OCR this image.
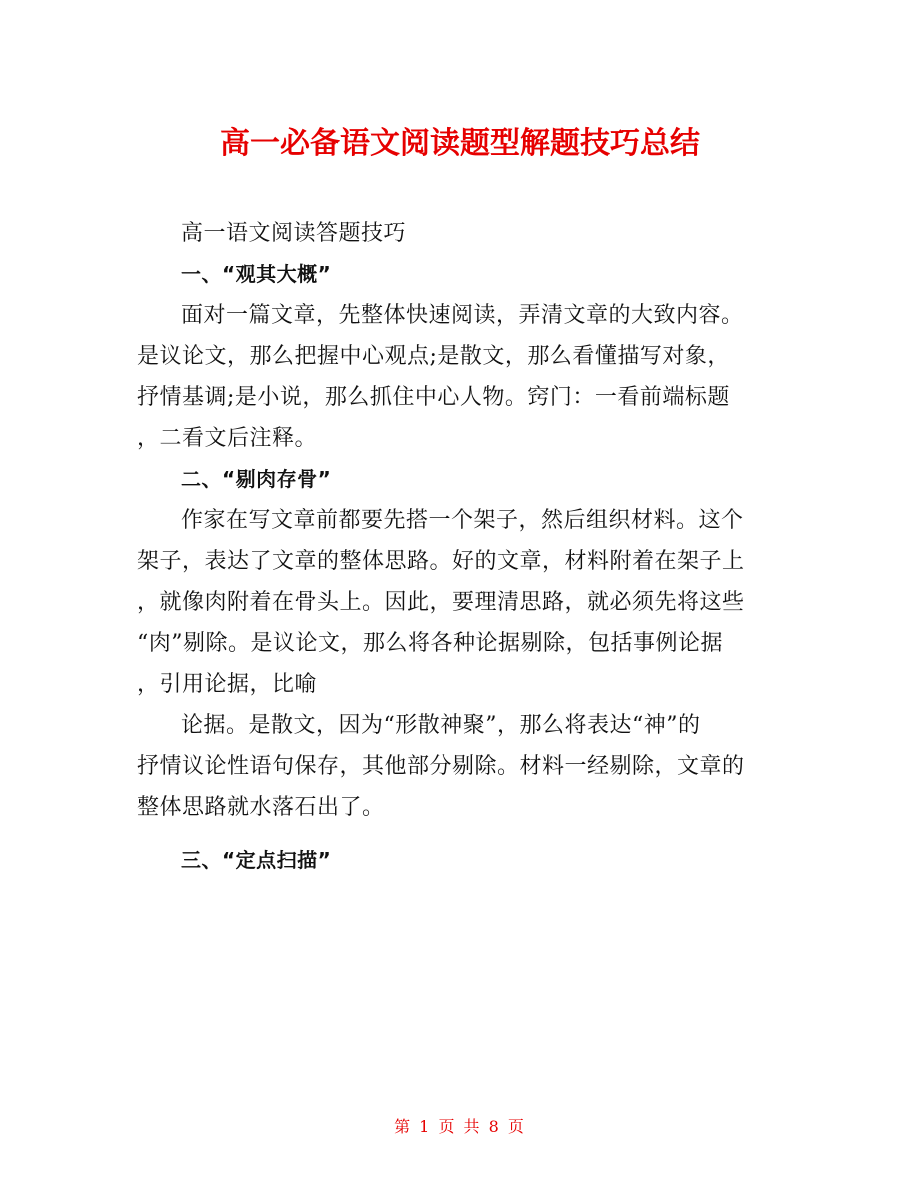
高一必备语文阅读题型解题技巧总结
高一语文阅读答题技巧
一、“观其大概”
面对一篇文章，先整体快速阅读，弄清文章的大致内容。
是议论文，那么把握中心观点;是散文，那么看懂描写对象，
抒情基调;是小说，那么抓住中心人物。窍门：一看前端标题
，二看文后注释。
二、“剔肉存骨”
作家在写文章前都要先搭一个架子，然后组织材料。这个
架子，表达了文章的整体思路。好的文章，材料附着在架子上
，就像肉附着在骨头上。因此，要理清思路，就必须先将这些
“肉”剔除。是议论文，那么将各种论据剔除，包括事例论据
，引用论据，比喻
论据。是散文，因为“形散神聚”，那么将表达“神”的
抒情议论性语句保存，其他部分剔除。材料一经剔除，文章的
整体思路就水落石出了。
三、“定点扫描”
第 1 页 共 8 页
